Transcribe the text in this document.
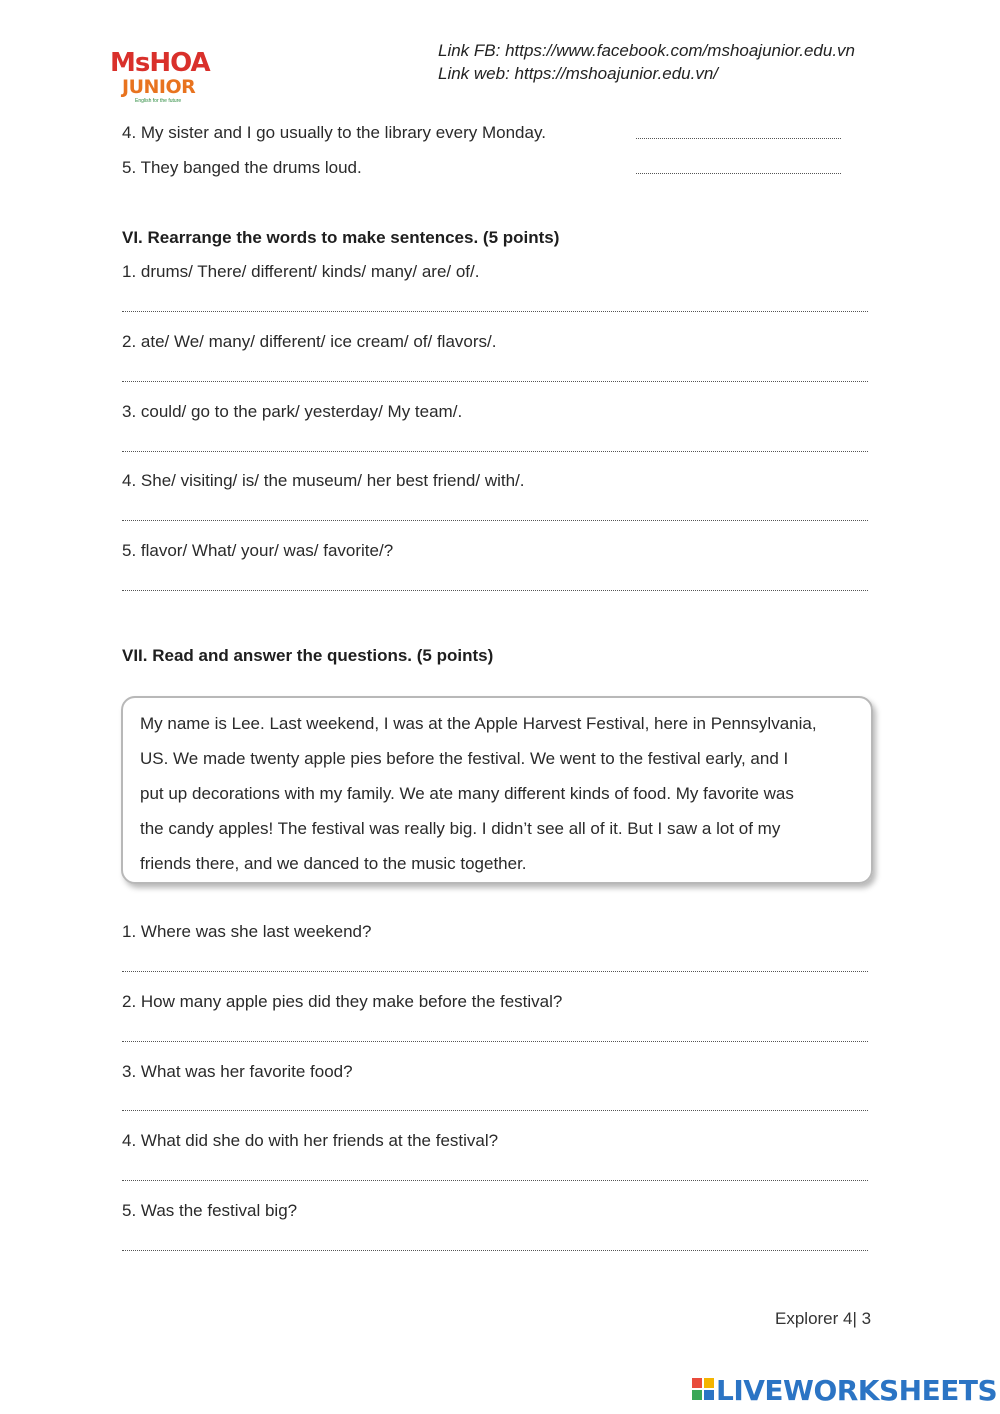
MsHOA
JUNIOR
English for the future
Link FB: https://www.facebook.com/mshoajunior.edu.vn
Link web: https://mshoajunior.edu.vn/
4. My sister and I go usually to the library every Monday.
5. They banged the drums loud.
VI. Rearrange the words to make sentences. (5 points)
1. drums/ There/ different/ kinds/ many/ are/ of/.
2. ate/ We/ many/ different/ ice cream/ of/ flavors/.
3. could/ go to the park/ yesterday/ My team/.
4. She/ visiting/ is/ the museum/ her best friend/ with/.
5. flavor/ What/ your/ was/ favorite/?
VII. Read and answer the questions. (5 points)
My name is Lee. Last weekend, I was at the Apple Harvest Festival, here in Pennsylvania,
US. We made twenty apple pies before the festival. We went to the festival early, and I
put up decorations with my family. We ate many different kinds of food. My favorite was
the candy apples! The festival was really big. I didn’t see all of it. But I saw a lot of my
friends there, and we danced to the music together.
1. Where was she last weekend?
2. How many apple pies did they make before the festival?
3. What was her favorite food?
4. What did she do with her friends at the festival?
5. Was the festival big?
Explorer 4| 3
LIVEWORKSHEETS
